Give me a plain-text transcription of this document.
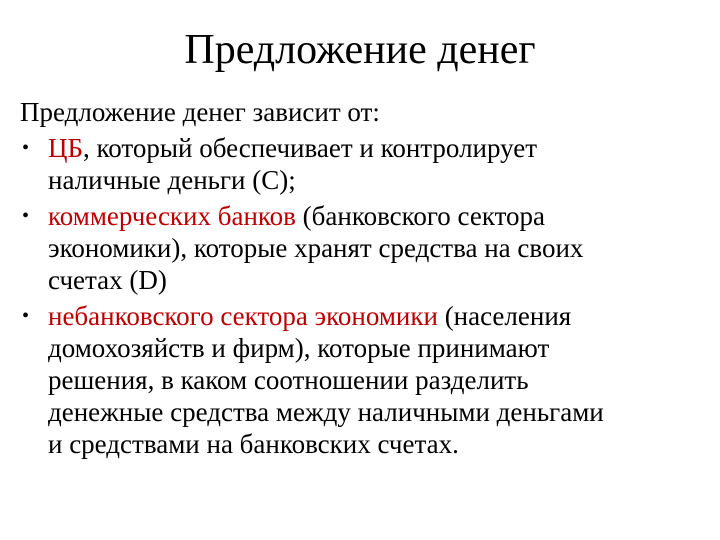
Предложение денег
Предложение денег зависит от:
• ЦБ, который обеспечивает и контролирует
наличные деньги (С);
• коммерческих банков (банковского сектора
экономики), которые хранят средства на своих
счетах (D)
• небанковского сектора экономики (населения
домохозяйств и фирм), которые принимают
решения, в каком соотношении разделить
денежные средства между наличными деньгами
и средствами на банковских счетах.
